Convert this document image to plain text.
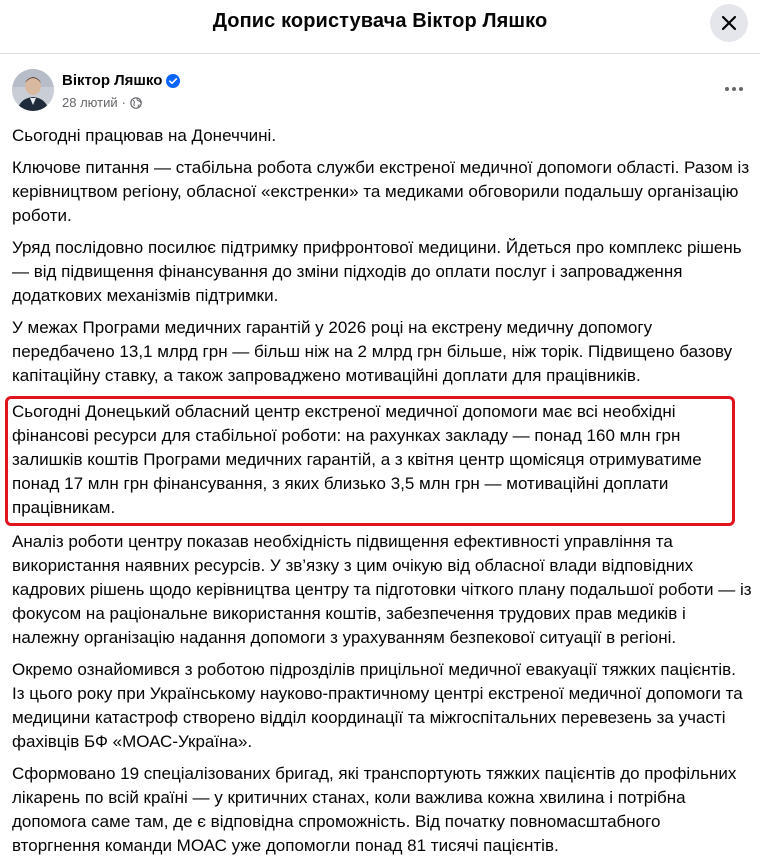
Допис користувача Віктор Ляшко
Віктор Ляшко
28 лютий ·

Сьогодні працював на Донеччині.

Ключове питання — стабільна робота служби екстреної медичної допомоги області. Разом із керівництвом регіону, обласної «екстренки» та медиками обговорили подальшу організацію роботи.

Уряд послідовно посилює підтримку прифронтової медицини. Йдеться про комплекс рішень — від підвищення фінансування до зміни підходів до оплати послуг і запровадження додаткових механізмів підтримки.

У межах Програми медичних гарантій у 2026 році на екстрену медичну допомогу передбачено 13,1 млрд грн — більш ніж на 2 млрд грн більше, ніж торік. Підвищено базову капітаційну ставку, а також запроваджено мотиваційні доплати для працівників.

Сьогодні Донецький обласний центр екстреної медичної допомоги має всі необхідні фінансові ресурси для стабільної роботи: на рахунках закладу — понад 160 млн грн залишків коштів Програми медичних гарантій, а з квітня центр щомісяця отримуватиме понад 17 млн грн фінансування, з яких близько 3,5 млн грн — мотиваційні доплати працівникам.

Аналіз роботи центру показав необхідність підвищення ефективності управління та використання наявних ресурсів. У зв’язку з цим очікую від обласної влади відповідних кадрових рішень щодо керівництва центру та підготовки чіткого плану подальшої роботи — із фокусом на раціональне використання коштів, забезпечення трудових прав медиків і належну організацію надання допомоги з урахуванням безпекової ситуації в регіоні.

Окремо ознайомився з роботою підрозділів прицільної медичної евакуації тяжких пацієнтів. Із цього року при Українському науково-практичному центрі екстреної медичної допомоги та медицини катастроф створено відділ координації та міжгоспітальних перевезень за участі фахівців БФ «МОАС-Україна».

Сформовано 19 спеціалізованих бригад, які транспортують тяжких пацієнтів до профільних лікарень по всій країні — у критичних станах, коли важлива кожна хвилина і потрібна допомога саме там, де є відповідна спроможність. Від початку повномасштабного вторгнення команди МОАС уже допомогли понад 81 тисячі пацієнтів.
